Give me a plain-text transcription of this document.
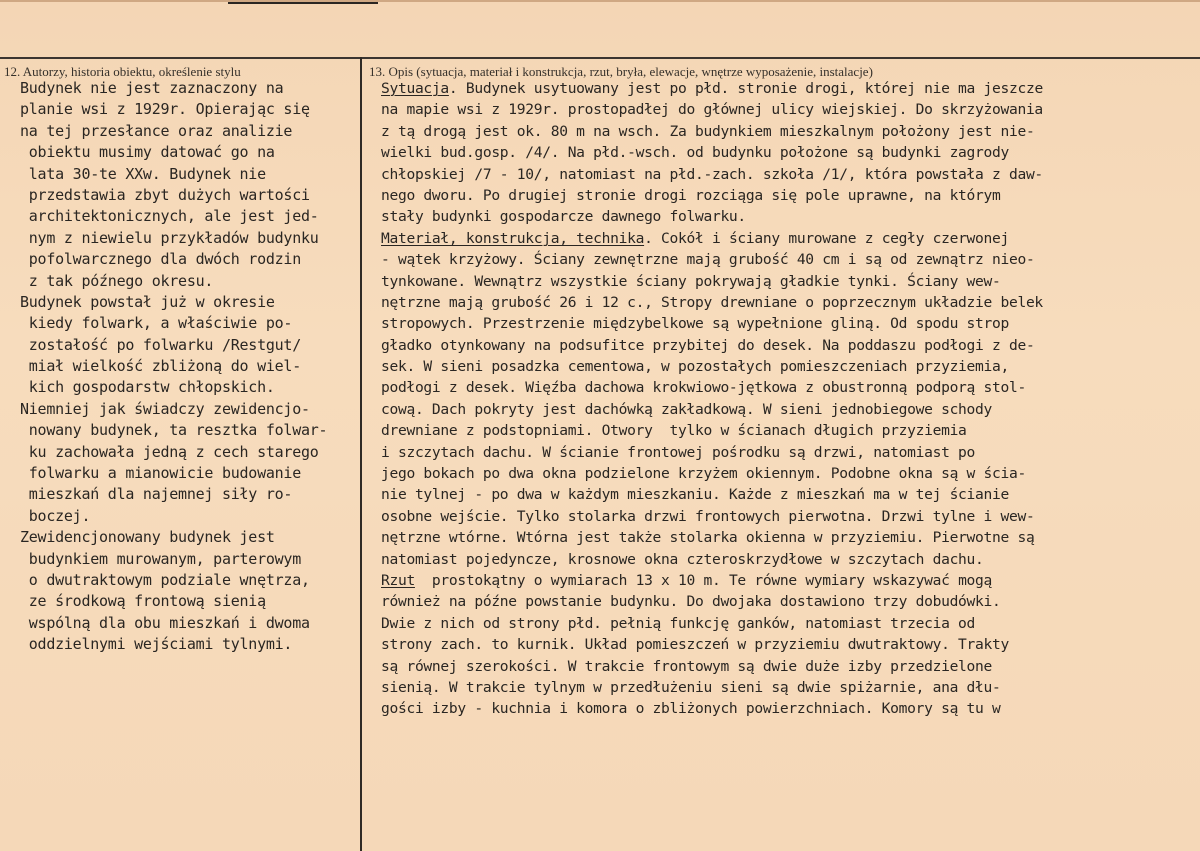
12. Autorzy, historia obiektu, określenie stylu	13. Opis (sytuacja, materiał i konstrukcja, rzut, bryła, elewacje, wnętrze wyposażenie, instalacje)
Budynek nie jest zaznaczony na
planie wsi z 1929r. Opierając się
na tej przesłance oraz analizie
obiektu musimy datować go na
lata 30-te XXw. Budynek nie
przedstawia zbyt dużych wartości
architektonicznych, ale jest jed-
nym z niewielu przykładów budynku
pofolwarcznego dla dwóch rodzin
z tak późnego okresu.
Budynek powstał już w okresie
kiedy folwark, a właściwie po-
zostałość po folwarku /Restgut/
miał wielkość zbliżoną do wiel-
kich gospodarstw chłopskich.
Niemniej jak świadczy zewidencjo-
nowany budynek, ta resztka folwar-
ku zachowała jedną z cech starego
folwarku a mianowicie budowanie
mieszkań dla najemnej siły ro-
boczej.
Zewidencjonowany budynek jest
budynkiem murowanym, parterowym
o dwutraktowym podziale wnętrza,
ze środkową frontową sienią
wspólną dla obu mieszkań i dwoma
oddzielnymi wejściami tylnymi.
Sytuacja. Budynek usytuowany jest po płd. stronie drogi, której nie ma jeszcze
na mapie wsi z 1929r. prostopadłej do głównej ulicy wiejskiej. Do skrzyżowania
z tą drogą jest ok. 80 m na wsch. Za budynkiem mieszkalnym położony jest nie-
wielki bud.gosp. /4/. Na płd.-wsch. od budynku położone są budynki zagrody
chłopskiej /7 - 10/, natomiast na płd.-zach. szkoła /1/, która powstała z daw-
nego dworu. Po drugiej stronie drogi rozciąga się pole uprawne, na którym
stały budynki gospodarcze dawnego folwarku.
Materiał, konstrukcja, technika. Cokół i ściany murowane z cegły czerwonej
- wątek krzyżowy. Ściany zewnętrzne mają grubość 40 cm i są od zewnątrz nieo-
tynkowane. Wewnątrz wszystkie ściany pokrywają gładkie tynki. Ściany wew-
nętrzne mają grubość 26 i 12 c., Stropy drewniane o poprzecznym układzie belek
stropowych. Przestrzenie międzybelkowe są wypełnione gliną. Od spodu strop
gładko otynkowany na podsufitce przybitej do desek. Na poddaszu podłogi z de-
sek. W sieni posadzka cementowa, w pozostałych pomieszczeniach przyziemia,
podłogi z desek. Więźba dachowa krokwiowo-jętkowa z obustronną podporą stol-
cową. Dach pokryty jest dachówką zakładkową. W sieni jednobiegowe schody
drewniane z podstopniami. Otwory  tylko w ścianach długich przyziemia
i szczytach dachu. W ścianie frontowej pośrodku są drzwi, natomiast po
jego bokach po dwa okna podzielone krzyżem okiennym. Podobne okna są w ścia-
nie tylnej - po dwa w każdym mieszkaniu. Każde z mieszkań ma w tej ścianie
osobne wejście. Tylko stolarka drzwi frontowych pierwotna. Drzwi tylne i wew-
nętrzne wtórne. Wtórna jest także stolarka okienna w przyziemiu. Pierwotne są
natomiast pojedyncze, krosnowe okna czteroskrzydłowe w szczytach dachu.
Rzut  prostokątny o wymiarach 13 x 10 m. Te równe wymiary wskazywać mogą
również na późne powstanie budynku. Do dwojaka dostawiono trzy dobudówki.
Dwie z nich od strony płd. pełnią funkcję ganków, natomiast trzecia od
strony zach. to kurnik. Układ pomieszczeń w przyziemiu dwutraktowy. Trakty
są równej szerokości. W trakcie frontowym są dwie duże izby przedzielone
sienią. W trakcie tylnym w przedłużeniu sieni są dwie spiżarnie, ana dłu-
gości izby - kuchnia i komora o zbliżonych powierzchniach. Komory są tu w
